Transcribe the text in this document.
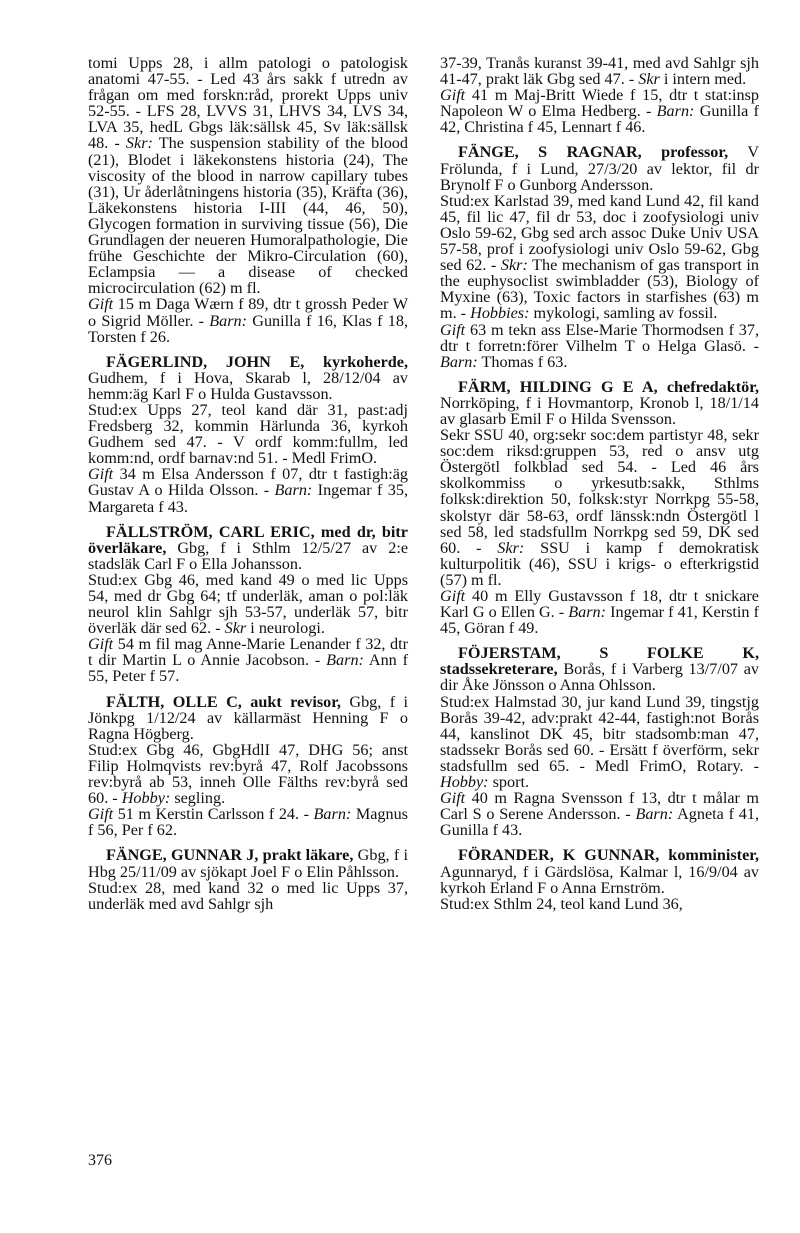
tomi Upps 28, i allm patologi o patologisk anatomi 47-55. - Led 43 års sakk f utredn av frågan om med forskn:råd, prorekt Upps univ 52-55. - LFS 28, LVVS 31, LHVS 34, LVS 34, LVA 35, hedL Gbgs läk:sällsk 45, Sv läk:sällsk 48. - Skr: The suspension stability of the blood (21), Blodet i läkekonstens historia (24), The viscosity of the blood in narrow capillary tubes (31), Ur åderlåtningens historia (35), Kräfta (36), Läkekonstens historia I-III (44, 46, 50), Glycogen formation in surviving tissue (56), Die Grundlagen der neueren Humoralpathologie, Die frühe Geschichte der Mikro-Circulation (60), Eclampsia — a disease of checked microcirculation (62) m fl.

Gift 15 m Daga Wærn f 89, dtr t grossh Peder W o Sigrid Möller. - Barn: Gunilla f 16, Klas f 18, Torsten f 26.

FÄGERLIND, JOHN E, kyrkoherde, Gudhem, f i Hova, Skarab l, 28/12/04 av hemm:äg Karl F o Hulda Gustavsson.

Stud:ex Upps 27, teol kand där 31, past:adj Fredsberg 32, kommin Härlunda 36, kyrkoh Gudhem sed 47. - V ordf komm:fullm, led komm:nd, ordf barnav:nd 51. - Medl FrimO.

Gift 34 m Elsa Andersson f 07, dtr t fastigh:äg Gustav A o Hilda Olsson. - Barn: Ingemar f 35, Margareta f 43.

FÄLLSTRÖM, CARL ERIC, med dr, bitr överläkare, Gbg, f i Sthlm 12/5/27 av 2:e stadsläk Carl F o Ella Johansson.

Stud:ex Gbg 46, med kand 49 o med lic Upps 54, med dr Gbg 64; tf underläk, aman o pol:läk neurol klin Sahlgr sjh 53-57, underläk 57, bitr överläk där sed 62. - Skr i neurologi.

Gift 54 m fil mag Anne-Marie Lenander f 32, dtr t dir Martin L o Annie Jacobson. - Barn: Ann f 55, Peter f 57.

FÄLTH, OLLE C, aukt revisor, Gbg, f i Jönkpg 1/12/24 av källarmäst Henning F o Ragna Högberg.

Stud:ex Gbg 46, GbgHdlI 47, DHG 56; anst Filip Holmqvists rev:byrå 47, Rolf Jacobssons rev:byrå ab 53, inneh Olle Fälths rev:byrå sed 60. - Hobby: segling.

Gift 51 m Kerstin Carlsson f 24. - Barn: Magnus f 56, Per f 62.

FÄNGE, GUNNAR J, prakt läkare, Gbg, f i Hbg 25/11/09 av sjökapt Joel F o Elin Påhlsson.

Stud:ex 28, med kand 32 o med lic Upps 37, underläk med avd Sahlgr sjh

37-39, Tranås kuranst 39-41, med avd Sahlgr sjh 41-47, prakt läk Gbg sed 47. - Skr i intern med.

Gift 41 m Maj-Britt Wiede f 15, dtr t stat:insp Napoleon W o Elma Hedberg. - Barn: Gunilla f 42, Christina f 45, Lennart f 46.

FÄNGE, S RAGNAR, professor, V Frölunda, f i Lund, 27/3/20 av lektor, fil dr Brynolf F o Gunborg Andersson.

Stud:ex Karlstad 39, med kand Lund 42, fil kand 45, fil lic 47, fil dr 53, doc i zoofysiologi univ Oslo 59-62, Gbg sed arch assoc Duke Univ USA 57-58, prof i zoofysiologi univ Oslo 59-62, Gbg sed 62. - Skr: The mechanism of gas transport in the euphysoclist swimbladder (53), Biology of Myxine (63), Toxic factors in starfishes (63) m m. - Hobbies: mykologi, samling av fossil.

Gift 63 m tekn ass Else-Marie Thormodsen f 37, dtr t forretn:förer Vilhelm T o Helga Glasö. - Barn: Thomas f 63.

FÄRM, HILDING G E A, chefredaktör, Norrköping, f i Hovmantorp, Kronob l, 18/1/14 av glasarb Emil F o Hilda Svensson.

Sekr SSU 40, org:sekr soc:dem partistyr 48, sekr soc:dem riksd:gruppen 53, red o ansv utg Östergötl folkblad sed 54. - Led 46 års skolkommiss o yrkesutb:sakk, Sthlms folksk:direktion 50, folksk:styr Norrkpg 55-58, skolstyr där 58-63, ordf länssk:ndn Östergötl l sed 58, led stadsfullm Norrkpg sed 59, DK sed 60. - Skr: SSU i kamp f demokratisk kulturpolitik (46), SSU i krigs- o efterkrigstid (57) m fl.

Gift 40 m Elly Gustavsson f 18, dtr t snickare Karl G o Ellen G. - Barn: Ingemar f 41, Kerstin f 45, Göran f 49.

FÖJERSTAM, S FOLKE K, stadssekreterare, Borås, f i Varberg 13/7/07 av dir Åke Jönsson o Anna Ohlsson.

Stud:ex Halmstad 30, jur kand Lund 39, tingstjg Borås 39-42, adv:prakt 42-44, fastigh:not Borås 44, kanslinot DK 45, bitr stadsomb:man 47, stadssekr Borås sed 60. - Ersätt f överförm, sekr stadsfullm sed 65. - Medl FrimO, Rotary. - Hobby: sport.

Gift 40 m Ragna Svensson f 13, dtr t målar m Carl S o Serene Andersson. - Barn: Agneta f 41, Gunilla f 43.

FÖRANDER, K GUNNAR, komminister, Agunnaryd, f i Gärdslösa, Kalmar l, 16/9/04 av kyrkoh Erland F o Anna Ernström.

Stud:ex Sthlm 24, teol kand Lund 36,

376
